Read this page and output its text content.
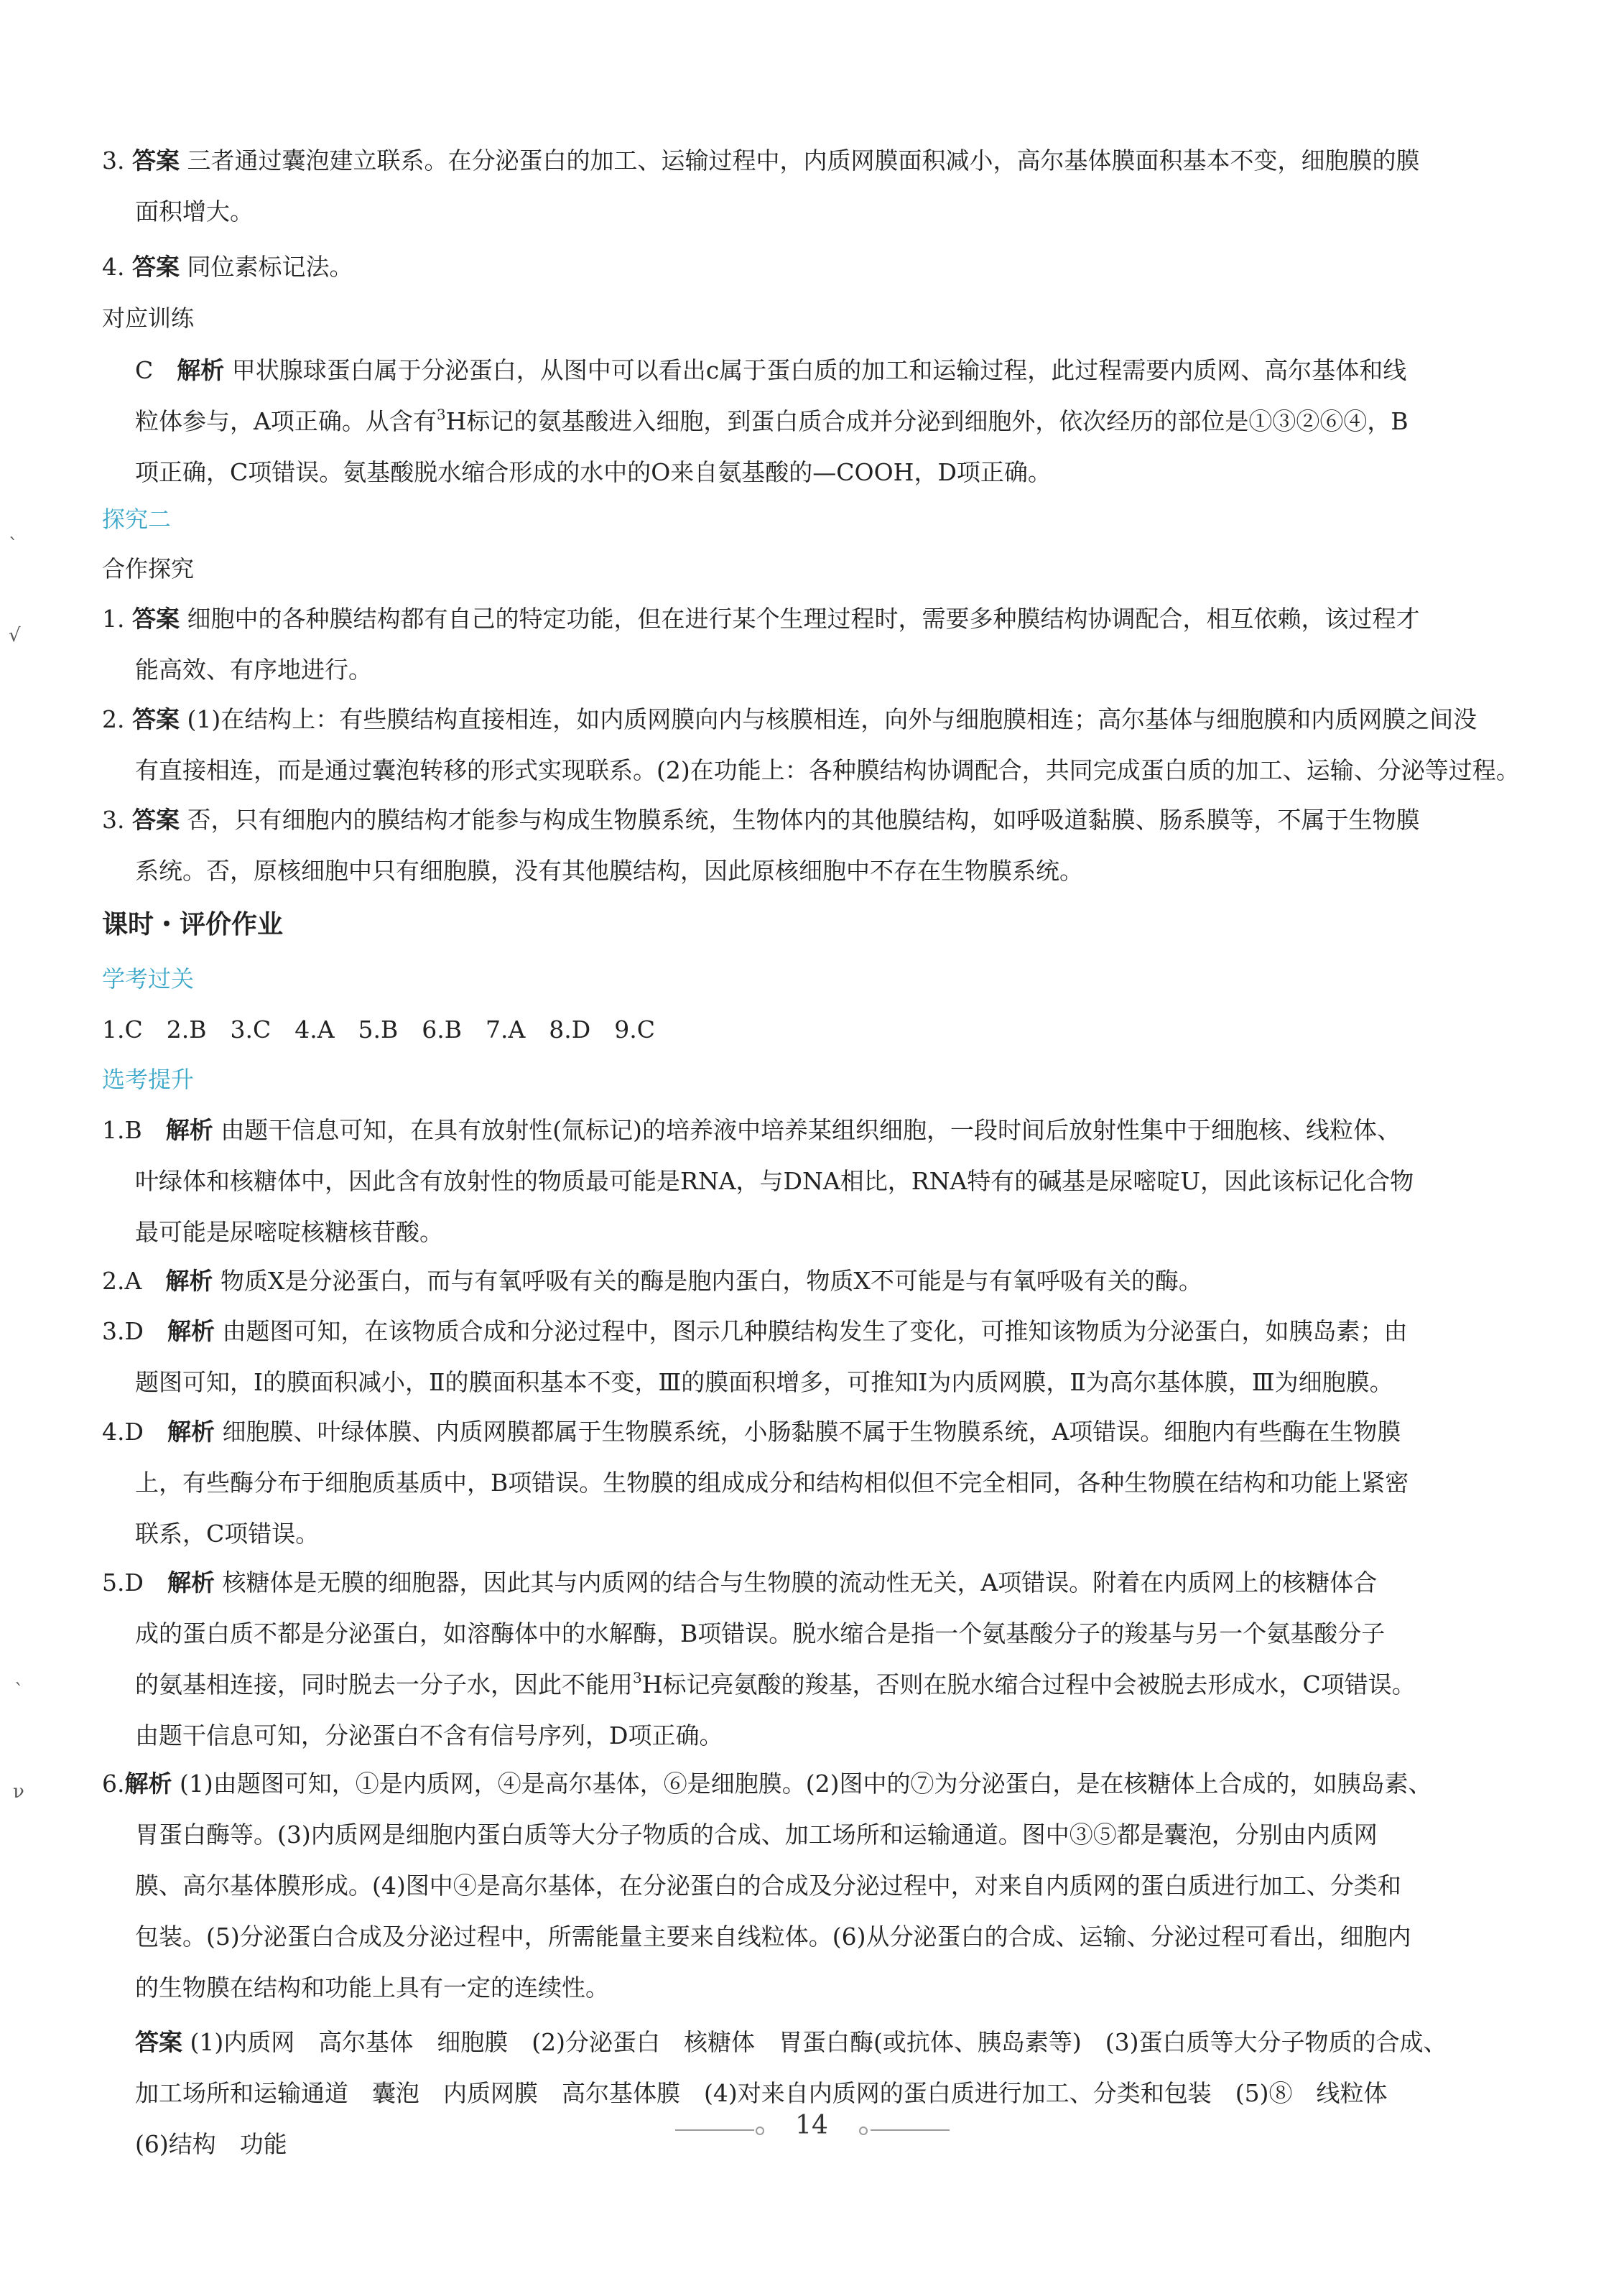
3. 答案 三者通过囊泡建立联系。在分泌蛋白的加工、运输过程中，内质网膜面积减小，高尔基体膜面积基本不变，细胞膜的膜
面积增大。
4. 答案 同位素标记法。
对应训练
C　 解析 甲状腺球蛋白属于分泌蛋白，从图中可以看出c属于蛋白质的加工和运输过程，此过程需要内质网、高尔基体和线
粒体参与，A项正确。从含有$^3$H标记的氨基酸进入细胞，到蛋白质合成并分泌到细胞外，依次经历的部位是①③②⑥④，B
项正确，C项错误。氨基酸脱水缩合形成的水中的O来自氨基酸的—COOH，D项正确。
探究二
合作探究
1. 答案 细胞中的各种膜结构都有自己的特定功能，但在进行某个生理过程时，需要多种膜结构协调配合，相互依赖，该过程才
能高效、有序地进行。
2. 答案 (1)在结构上：有些膜结构直接相连，如内质网膜向内与核膜相连，向外与细胞膜相连；高尔基体与细胞膜和内质网膜之间没
有直接相连，而是通过囊泡转移的形式实现联系。(2)在功能上：各种膜结构协调配合，共同完成蛋白质的加工、运输、分泌等过程。
3. 答案 否，只有细胞内的膜结构才能参与构成生物膜系统，生物体内的其他膜结构，如呼吸道黏膜、肠系膜等，不属于生物膜
系统。否，原核细胞中只有细胞膜，没有其他膜结构，因此原核细胞中不存在生物膜系统。
课时・评价作业
学考过关
1.C　2.B　3.C　4.A　5.B　6.B　7.A　8.D　9.C
选考提升
1.B　 解析 由题干信息可知，在具有放射性(氚标记)的培养液中培养某组织细胞，一段时间后放射性集中于细胞核、线粒体、
叶绿体和核糖体中，因此含有放射性的物质最可能是RNA，与DNA相比，RNA特有的碱基是尿嘧啶U，因此该标记化合物
最可能是尿嘧啶核糖核苷酸。
2.A　 解析 物质X是分泌蛋白，而与有氧呼吸有关的酶是胞内蛋白，物质X不可能是与有氧呼吸有关的酶。
3.D　 解析 由题图可知，在该物质合成和分泌过程中，图示几种膜结构发生了变化，可推知该物质为分泌蛋白，如胰岛素；由
题图可知，Ⅰ的膜面积减小，Ⅱ的膜面积基本不变，Ⅲ的膜面积增多，可推知Ⅰ为内质网膜，Ⅱ为高尔基体膜，Ⅲ为细胞膜。
4.D　 解析 细胞膜、叶绿体膜、内质网膜都属于生物膜系统，小肠黏膜不属于生物膜系统，A项错误。细胞内有些酶在生物膜
上，有些酶分布于细胞质基质中，B项错误。生物膜的组成成分和结构相似但不完全相同，各种生物膜在结构和功能上紧密
联系，C项错误。
5.D　 解析 核糖体是无膜的细胞器，因此其与内质网的结合与生物膜的流动性无关，A项错误。附着在内质网上的核糖体合
成的蛋白质不都是分泌蛋白，如溶酶体中的水解酶，B项错误。脱水缩合是指一个氨基酸分子的羧基与另一个氨基酸分子
的氨基相连接，同时脱去一分子水，因此不能用$^3$H标记亮氨酸的羧基，否则在脱水缩合过程中会被脱去形成水，C项错误。
由题干信息可知，分泌蛋白不含有信号序列，D项正确。
6.解析 (1)由题图可知，①是内质网，④是高尔基体，⑥是细胞膜。(2)图中的⑦为分泌蛋白，是在核糖体上合成的，如胰岛素、
胃蛋白酶等。(3)内质网是细胞内蛋白质等大分子物质的合成、加工场所和运输通道。图中③⑤都是囊泡，分别由内质网
膜、高尔基体膜形成。(4)图中④是高尔基体，在分泌蛋白的合成及分泌过程中，对来自内质网的蛋白质进行加工、分类和
包装。(5)分泌蛋白合成及分泌过程中，所需能量主要来自线粒体。(6)从分泌蛋白的合成、运输、分泌过程可看出，细胞内
的生物膜在结构和功能上具有一定的连续性。
答案 (1)内质网　高尔基体　细胞膜　(2)分泌蛋白　核糖体　胃蛋白酶(或抗体、胰岛素等)　(3)蛋白质等大分子物质的合成、
加工场所和运输通道　囊泡　内质网膜　高尔基体膜　(4)对来自内质网的蛋白质进行加工、分类和包装　(5)⑧　线粒体
(6)结构　功能
`
√
`
ν
14
